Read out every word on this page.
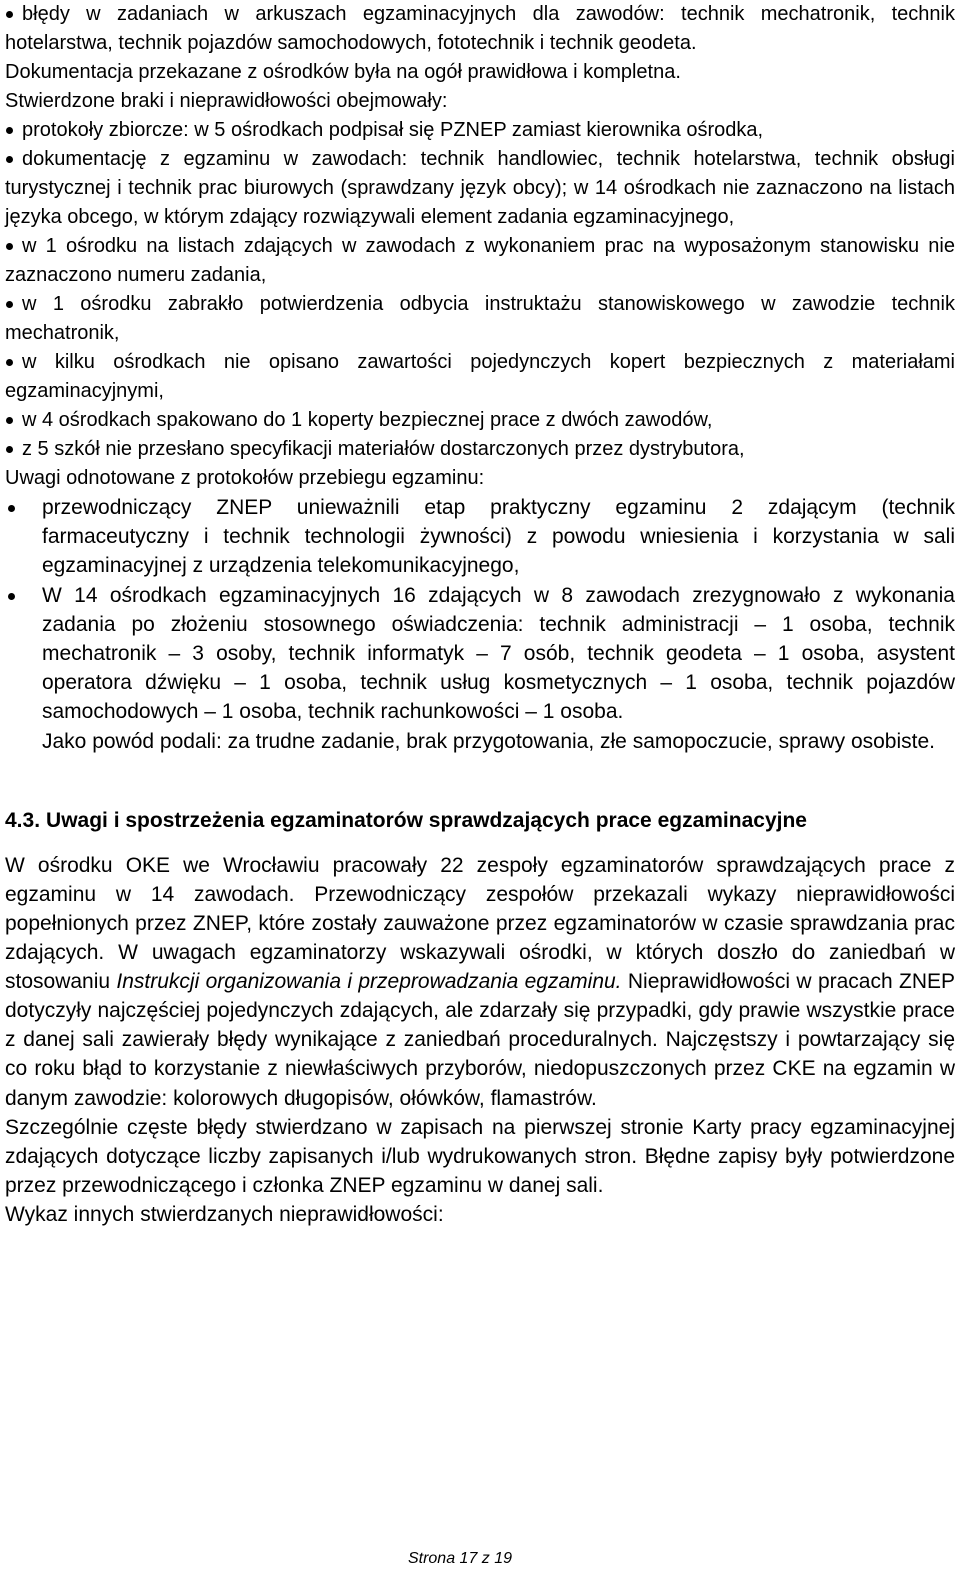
błędy w zadaniach w arkuszach egzaminacyjnych dla zawodów: technik mechatronik, technik hotelarstwa, technik pojazdów samochodowych, fototechnik i technik geodeta.

Dokumentacja przekazane z ośrodków była na ogół prawidłowa i kompletna.

Stwierdzone braki i nieprawidłowości obejmowały:

protokoły zbiorcze: w 5 ośrodkach podpisał się PZNEP zamiast kierownika ośrodka,
dokumentację z egzaminu w zawodach: technik handlowiec, technik hotelarstwa, technik obsługi turystycznej i technik prac biurowych (sprawdzany język obcy); w 14 ośrodkach nie zaznaczono na listach języka obcego, w którym zdający rozwiązywali element zadania egzaminacyjnego,
w 1 ośrodku na listach zdających w zawodach z wykonaniem prac na wyposażonym stanowisku nie zaznaczono numeru zadania,
w 1 ośrodku zabrakło potwierdzenia odbycia instruktażu stanowiskowego w zawodzie technik mechatronik,
w kilku ośrodkach nie opisano zawartości pojedynczych kopert bezpiecznych z materiałami egzaminacyjnymi,
w 4 ośrodkach spakowano do 1 koperty bezpiecznej prace z dwóch zawodów,
z 5 szkół nie przesłano specyfikacji materiałów dostarczonych przez dystrybutora,

Uwagi odnotowane z protokołów przebiegu egzaminu:

przewodniczący ZNEP unieważnili etap praktyczny egzaminu 2 zdającym (technik farmaceutyczny i technik technologii żywności) z powodu wniesienia i korzystania w sali egzaminacyjnej z urządzenia telekomunikacyjnego,
W 14 ośrodkach egzaminacyjnych 16 zdających w 8 zawodach zrezygnowało z wykonania zadania po złożeniu stosownego oświadczenia: technik administracji – 1 osoba, technik mechatronik – 3 osoby, technik informatyk – 7 osób, technik geodeta – 1 osoba, asystent operatora dźwięku – 1 osoba, technik usług kosmetycznych – 1 osoba, technik pojazdów samochodowych – 1 osoba, technik rachunkowości – 1 osoba.

Jako powód podali: za trudne zadanie, brak przygotowania, złe samopoczucie, sprawy osobiste.

4.3. Uwagi i spostrzeżenia egzaminatorów sprawdzających prace egzaminacyjne

W ośrodku OKE we Wrocławiu pracowały 22 zespoły egzaminatorów sprawdzających prace z egzaminu w 14 zawodach. Przewodniczący zespołów przekazali wykazy nieprawidłowości popełnionych przez ZNEP, które zostały zauważone przez egzaminatorów w czasie sprawdzania prac zdających. W uwagach egzaminatorzy wskazywali ośrodki, w których doszło do zaniedbań w stosowaniu Instrukcji organizowania i przeprowadzania egzaminu. Nieprawidłowości w pracach ZNEP dotyczyły najczęściej pojedynczych zdających, ale zdarzały się przypadki, gdy prawie wszystkie prace z danej sali zawierały błędy wynikające z zaniedbań proceduralnych. Najczęstszy i powtarzający się co roku błąd to korzystanie z niewłaściwych przyborów, niedopuszczonych przez CKE na egzamin w danym zawodzie: kolorowych długopisów, ołówków, flamastrów.

Szczególnie częste błędy stwierdzano w zapisach na pierwszej stronie Karty pracy egzaminacyjnej zdających dotyczące liczby zapisanych i/lub wydrukowanych stron. Błędne zapisy były potwierdzone przez przewodniczącego i członka ZNEP egzaminu w danej sali.

Wykaz innych stwierdzanych nieprawidłowości:

Strona 17 z 19
